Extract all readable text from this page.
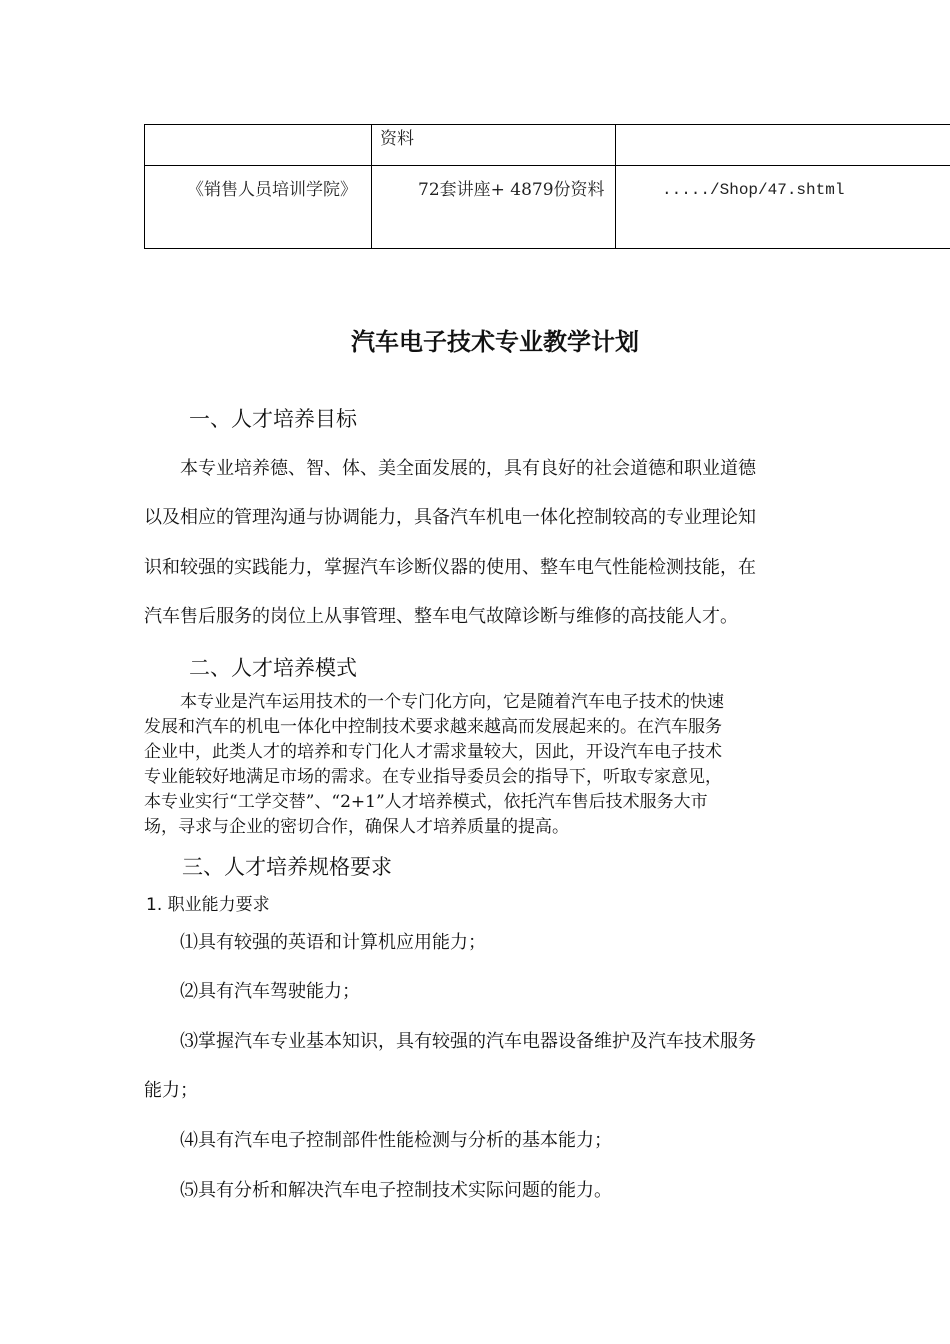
	资料	

《销售人员培训学院》	72套讲座+ 4879份资料	...../Shop/47.shtml
汽车电子技术专业教学计划
一、人才培养目标
本专业培养德、智、体、美全面发展的，具有良好的社会道德和职业道德
以及相应的管理沟通与协调能力，具备汽车机电一体化控制较高的专业理论知
识和较强的实践能力，掌握汽车诊断仪器的使用、整车电气性能检测技能，在
汽车售后服务的岗位上从事管理、整车电气故障诊断与维修的高技能人才。
二、人才培养模式
本专业是汽车运用技术的一个专门化方向，它是随着汽车电子技术的快速
发展和汽车的机电一体化中控制技术要求越来越高而发展起来的。在汽车服务
企业中，此类人才的培养和专门化人才需求量较大，因此，开设汽车电子技术
专业能较好地满足市场的需求。在专业指导委员会的指导下，听取专家意见，
本专业实行“工学交替”、“2+1”人才培养模式，依托汽车售后技术服务大市
场，寻求与企业的密切合作，确保人才培养质量的提高。
三、人才培养规格要求
1. 职业能力要求
⑴具有较强的英语和计算机应用能力；
⑵具有汽车驾驶能力；
⑶掌握汽车专业基本知识，具有较强的汽车电器设备维护及汽车技术服务
能力；
⑷具有汽车电子控制部件性能检测与分析的基本能力；
⑸具有分析和解决汽车电子控制技术实际问题的能力。
